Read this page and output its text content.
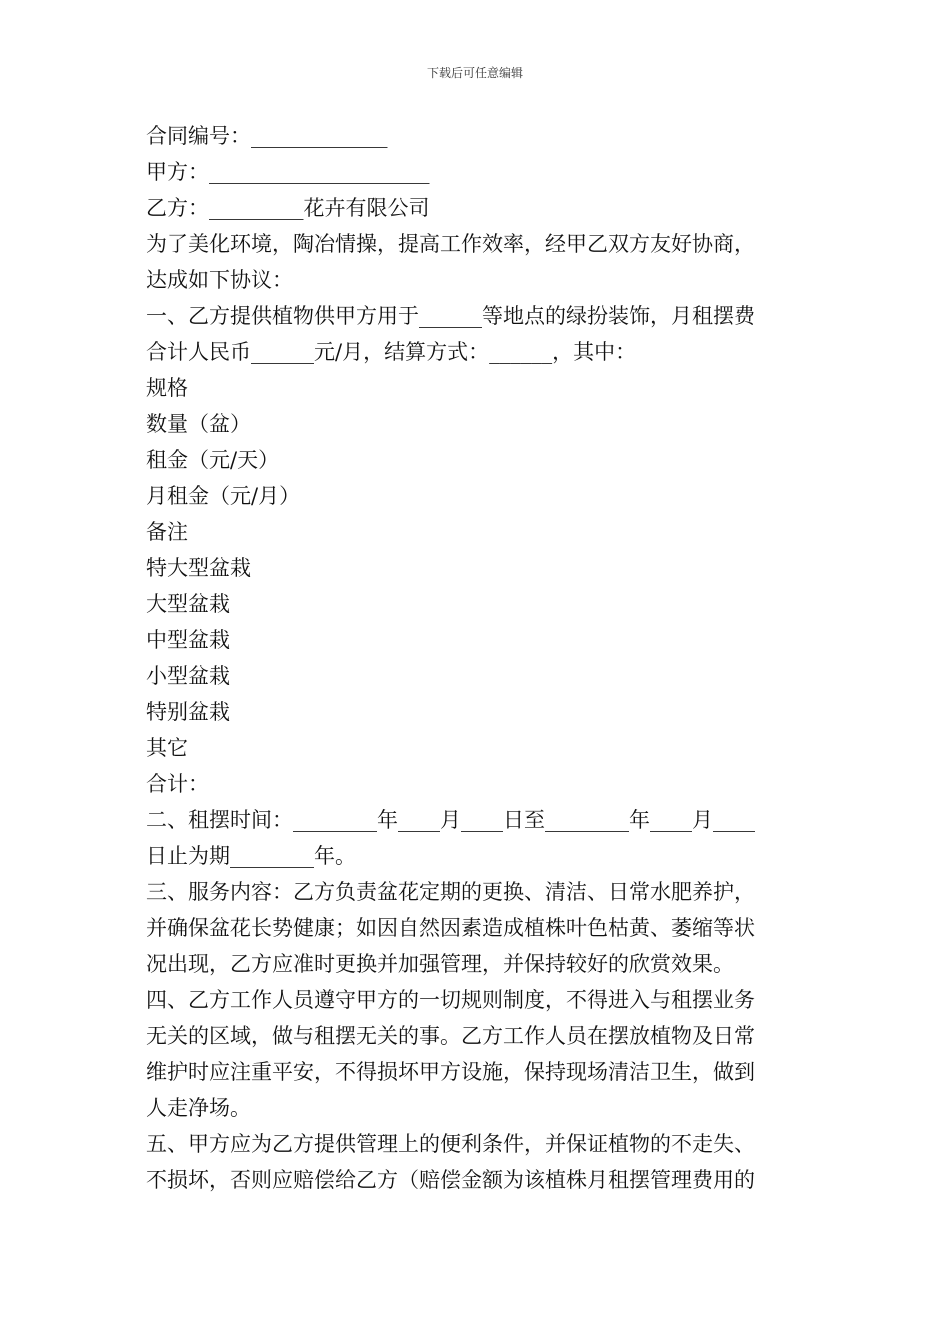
下载后可任意编辑
合同编号：_____________
甲方：_____________________
乙方：_________花卉有限公司
为了美化环境，陶冶情操，提高工作效率，经甲乙双方友好协商，
达成如下协议：
一、乙方提供植物供甲方用于______等地点的绿扮装饰，月租摆费
合计人民币______元/月，结算方式：______，其中：
规格
数量（盆）
租金（元/天）
月租金（元/月）
备注
特大型盆栽
大型盆栽
中型盆栽
小型盆栽
特别盆栽
其它
合计：
二、租摆时间：________年____月____日至________年____月____
日止为期________年。
三、服务内容：乙方负责盆花定期的更换、清洁、日常水肥养护，
并确保盆花长势健康；如因自然因素造成植株叶色枯黄、萎缩等状
况出现，乙方应准时更换并加强管理，并保持较好的欣赏效果。
四、乙方工作人员遵守甲方的一切规则制度，不得进入与租摆业务
无关的区域，做与租摆无关的事。乙方工作人员在摆放植物及日常
维护时应注重平安，不得损坏甲方设施，保持现场清洁卫生，做到
人走净场。
五、甲方应为乙方提供管理上的便利条件，并保证植物的不走失、
不损坏，否则应赔偿给乙方（赔偿金额为该植株月租摆管理费用的
